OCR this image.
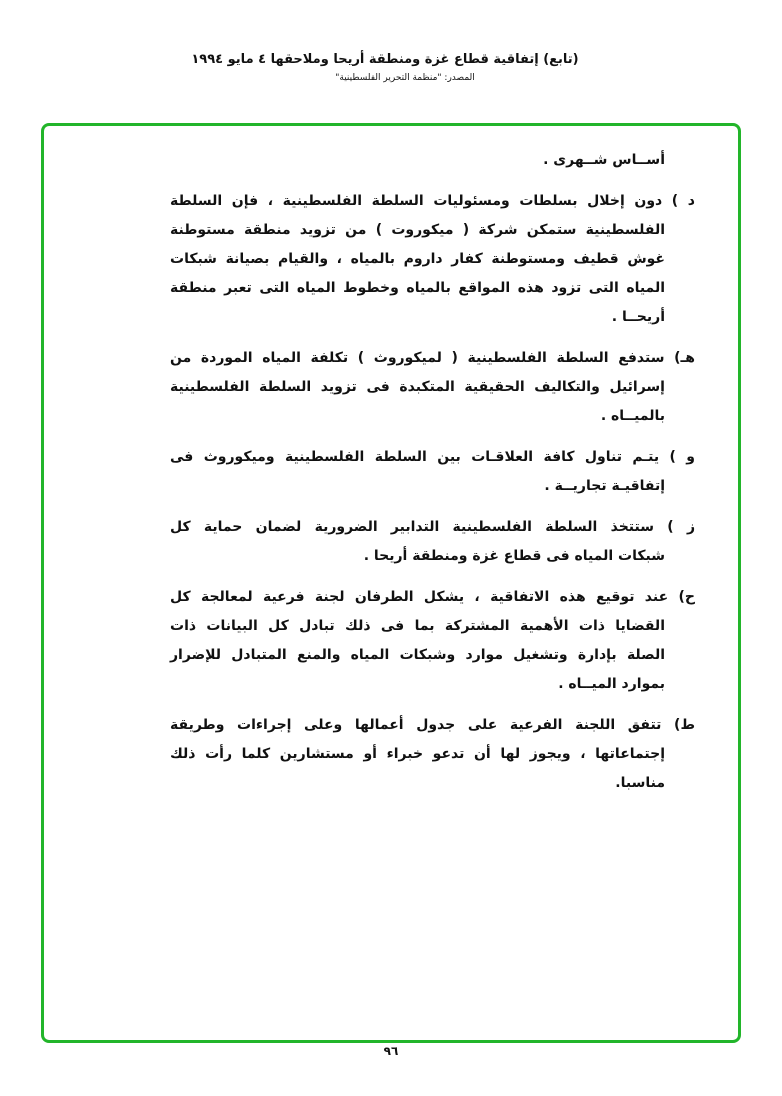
(تابع) إتفاقية قطاع غزة ومنطقة أريحا وملاحقها ٤ مايو ١٩٩٤
المصدر: "منظمة التحرير الفلسطينية"
أســاس شــهرى .
د ) دون إخلال بسلطات ومسئوليات السلطة الفلسطينية ، فإن السلطة
الفلسطينية ستمكن شركة ( ميكوروت ) من تزويد منطقة مستوطنة
غوش قطيف ومستوطنة كفار داروم بالمياه ، والقيام بصيانة شبكات
المياه التى تزود هذه المواقع بالمياه وخطوط المياه التى تعبر منطقة
أريحــا .
هـ) ستدفع السلطة الفلسطينية ( لميكوروث ) تكلفة المياه الموردة من
إسرائيل والتكاليف الحقيقية المتكبدة فى تزويد السلطة الفلسطينية
بالميــاه .
و ) يتـم تناول كافة العلاقـات بين السلطة الفلسطينية وميكوروث فى
إتفاقيـة تجاريــة .
ز ) ستتخذ السلطة الفلسطينية التدابير الضرورية لضمان حماية كل
شبكات المياه فى قطاع غزة ومنطقة أريحا .
ح) عند توقيع هذه الاتفاقية ، يشكل الطرفان لجنة فرعية لمعالجة كل
القضايا ذات الأهمية المشتركة بما فى ذلك تبادل كل البيانات ذات
الصلة بإدارة وتشغيل موارد وشبكات المياه والمنع المتبادل للإضرار
بموارد الميــاه .
ط) تتفق اللجنة الفرعية على جدول أعمالها وعلى إجراءات وطريقة
إجتماعاتها ، ويجوز لها أن تدعو خبراء أو مستشارين كلما رأت ذلك
مناسبا.
٩٦
